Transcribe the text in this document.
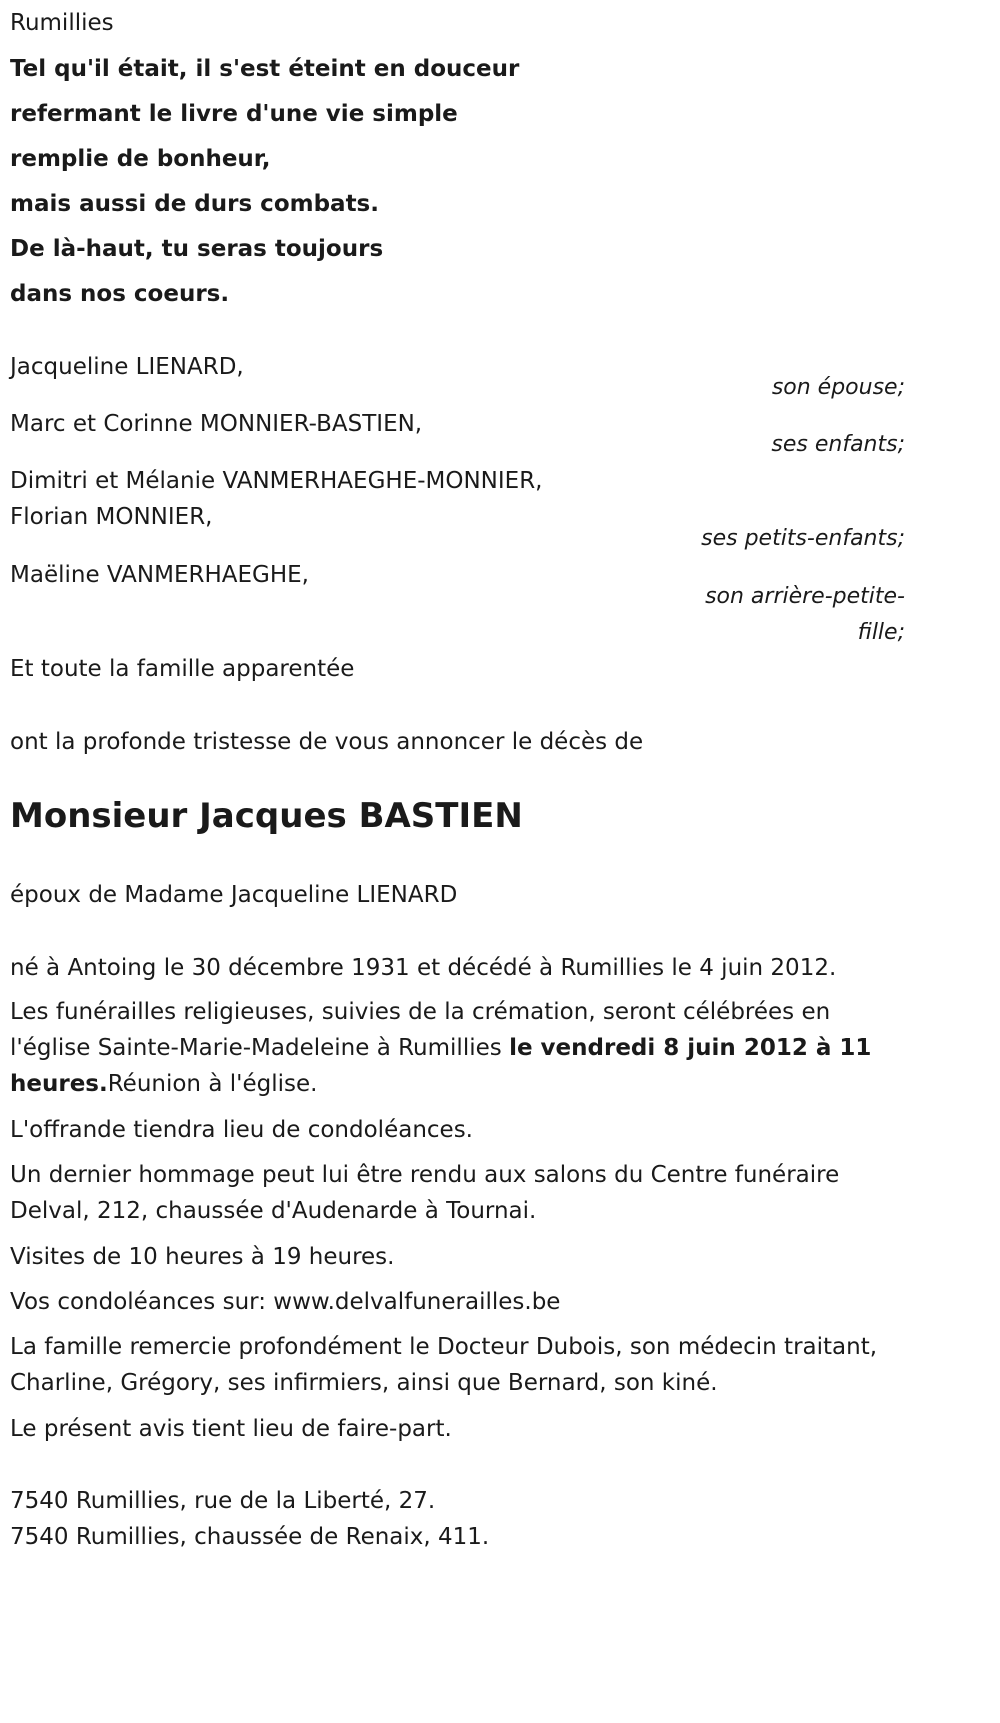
Rumillies
Tel qu'il était, il s'est éteint en douceur
refermant le livre d'une vie simple
remplie de bonheur,
mais aussi de durs combats.
De là-haut, tu seras toujours
dans nos coeurs.
Jacqueline LIENARD,
son épouse;
Marc et Corinne MONNIER-BASTIEN,
ses enfants;
Dimitri et Mélanie VANMERHAEGHE-MONNIER,
Florian MONNIER,
ses petits-enfants;
Maëline VANMERHAEGHE,
son arrière-petite-
fille;
Et toute la famille apparentée
ont la profonde tristesse de vous annoncer le décès de
Monsieur Jacques BASTIEN
époux de Madame Jacqueline LIENARD
né à Antoing le 30 décembre 1931 et décédé à Rumillies le 4 juin 2012.
Les funérailles religieuses, suivies de la crémation, seront célébrées en l'église Sainte-Marie-Madeleine à Rumillies le vendredi 8 juin 2012 à 11 heures.Réunion à l'église.
L'offrande tiendra lieu de condoléances.
Un dernier hommage peut lui être rendu aux salons du Centre funéraire Delval, 212, chaussée d'Audenarde à Tournai.
Visites de 10 heures à 19 heures.
Vos condoléances sur: www.delvalfunerailles.be
La famille remercie profondément le Docteur Dubois, son médecin traitant, Charline, Grégory, ses infirmiers, ainsi que Bernard, son kiné.
Le présent avis tient lieu de faire-part.
7540 Rumillies, rue de la Liberté, 27.
7540 Rumillies, chaussée de Renaix, 411.
